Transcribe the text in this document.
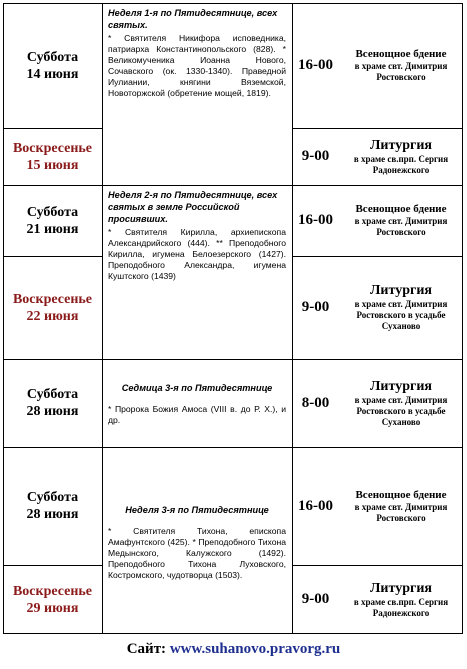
Суббота
14 июня
16-00
Всенощное бдение
в храме свт. Димитрия Ростовского
Воскресенье
15 июня
9-00
Литургия
в храме св.прп. Сергия Радонежского
Суббота
21 июня
16-00
Всенощное бдение
в храме свт. Димитрия Ростовского
Воскресенье
22 июня
9-00
Литургия
в храме свт. Димитрия Ростовского в усадьбе Суханово
Суббота
28 июня
8-00
Литургия
в храме свт. Димитрия Ростовского в усадьбе Суханово
Суббота
28 июня
16-00
Всенощное бдение
в храме свт. Димитрия Ростовского
Воскресенье
29 июня
9-00
Литургия
в храме св.прп. Сергия Радонежского
Неделя 1-я по Пятидесятнице, всех святых.
* Святителя Никифора исповедника, патриарха Константинопольского (828). * Великомученика Иоанна Нового, Сочавского (ок. 1330-1340). Праведной Иулиании, княгини Вяземской, Новоторжской (обретение мощей, 1819).
Неделя 2-я по Пятидесятнице, всех святых в земле Российской просиявших.
* Святителя Кирилла, архиепископа Александрийского (444). ** Преподобного Кирилла, игумена Белоезерского (1427). Преподобного Александра, игумена Куштского (1439)
Седмица 3-я по Пятидесятнице
* Пророка Божия Амоса (VIII в. до Р. Х.), и др.
Неделя 3-я по Пятидесятнице
* Святителя Тихона, епископа Амафунтского (425). * Преподобного Тихона Медынского, Калужского (1492). Преподобного Тихона Луховского, Костромского, чудотворца (1503).
Сайт: www.suhanovo.pravorg.ru
